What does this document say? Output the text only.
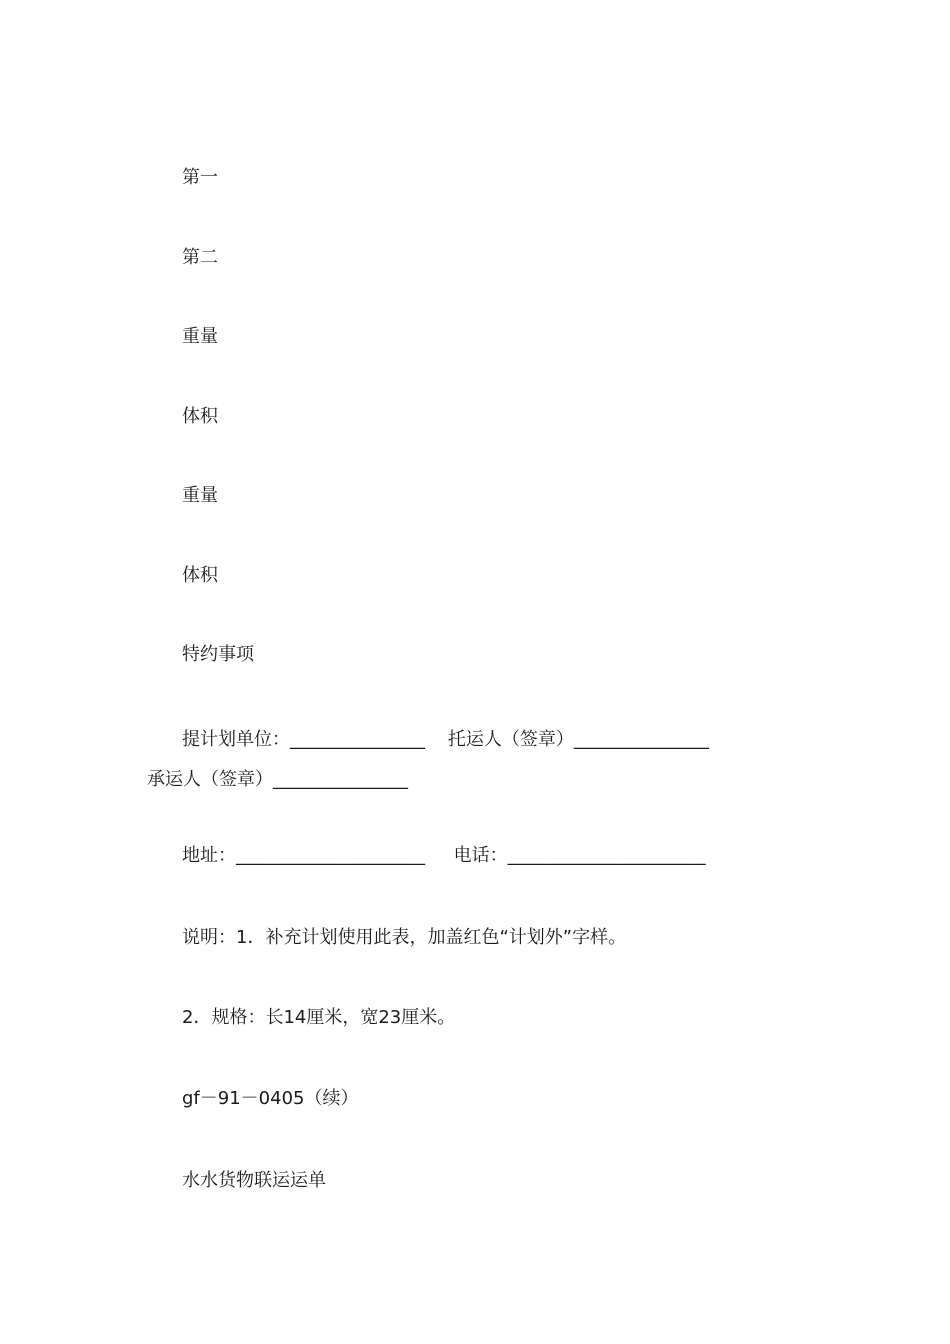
第一
第二
重量
体积
重量
体积
特约事项
提计划单位：_______________ 托运人（签章）_______________     承运人（签章）_______________
地址：_____________________ 电话：______________________
说明：1．补充计划使用此表，加盖红色“计划外”字样。
2．规格：长14厘米，宽23厘米。
gf－91－0405（续）
水水货物联运运单
